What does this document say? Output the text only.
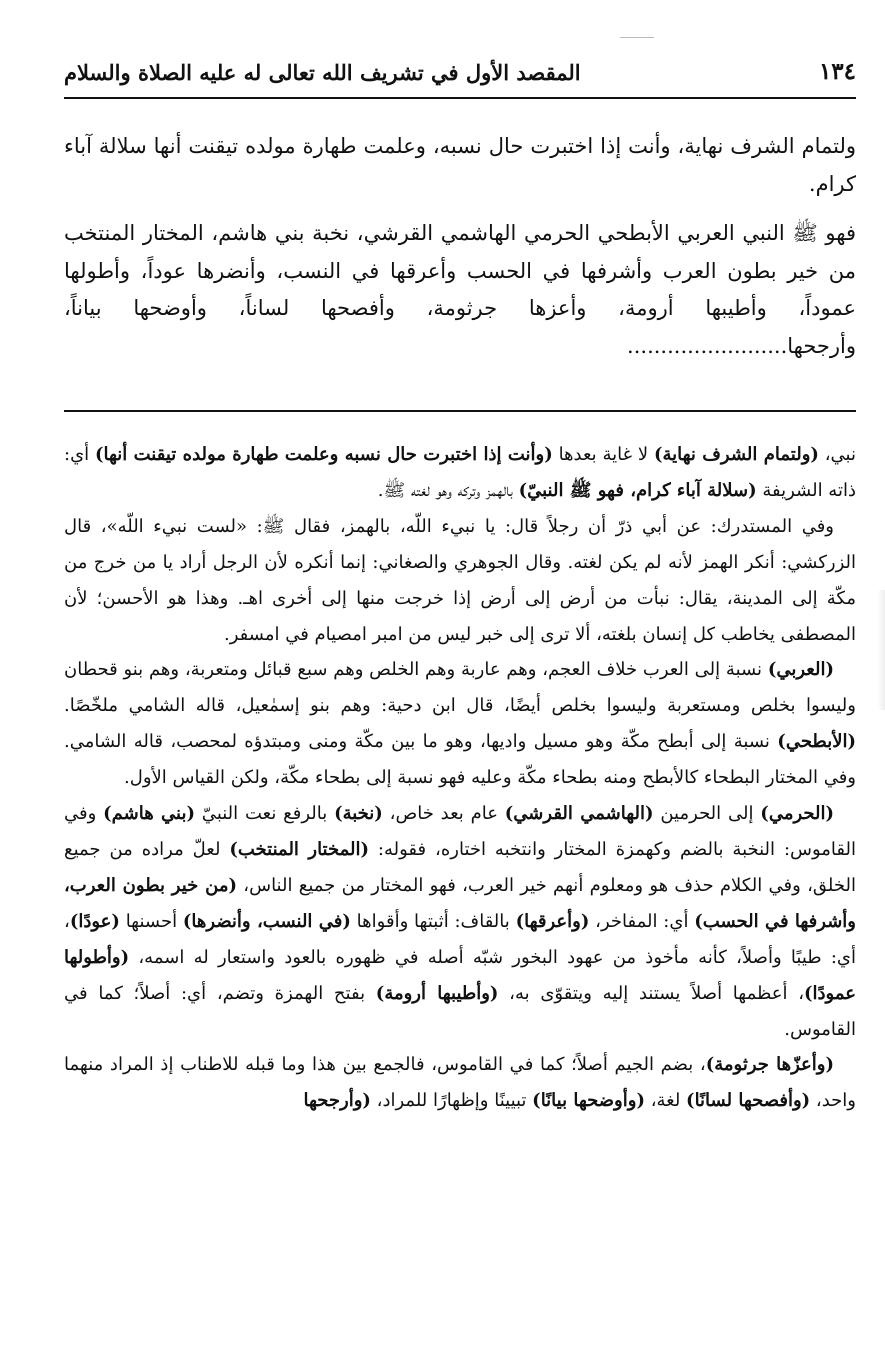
١٣٤
المقصد الأول في تشريف الله تعالى له عليه الصلاة والسلام

ولتمام الشرف نهاية، وأنت إذا اختبرت حال نسبه، وعلمت طهارة مولده تيقنت أنها سلالة آباء كرام.

فهو ﷺ النبي العربي الأبطحي الحرمي الهاشمي القرشي، نخبة بني هاشم، المختار المنتخب من خير بطون العرب وأشرفها في الحسب وأعرقها في النسب، وأنضرها عوداً، وأطولها عموداً، وأطيبها أرومة، وأعزها جرثومة، وأفصحها لساناً، وأوضحها بياناً، وأرجحها........................

نبي، (ولتمام الشرف نهاية) لا غاية بعدها (وأنت إذا اختبرت حال نسبه وعلمت طهارة مولده تيقنت أنها) أي: ذاته الشريفة (سلالة آباء كرام، فهو ﷺ النبيّ) بالهمز وتركه وهو لغته ﷺ.

وفي المستدرك: عن أبي ذرّ أن رجلاً قال: يا نبيء اللّه، بالهمز، فقال ﷺ: «لست نبيء اللّه»، قال الزركشي: أنكر الهمز لأنه لم يكن لغته. وقال الجوهري والصغاني: إنما أنكره لأن الرجل أراد يا من خرج من مكّة إلى المدينة، يقال: نبأت من أرض إلى أرض إذا خرجت منها إلى أخرى اهـ. وهذا هو الأحسن؛ لأن المصطفى يخاطب كل إنسان بلغته، ألا ترى إلى خبر ليس من امبر امصيام في امسفر.

(العربي) نسبة إلى العرب خلاف العجم، وهم عاربة وهم الخلص وهم سبع قبائل ومتعربة، وهم بنو قحطان وليسوا بخلص ومستعربة وليسوا بخلص أيضًا، قال ابن دحية: وهم بنو إسمٰعيل، قاله الشامي ملخّصًا. (الأبطحي) نسبة إلى أبطح مكّة وهو مسيل واديها، وهو ما بين مكّة ومنى ومبتدؤه لمحصب، قاله الشامي. وفي المختار البطحاء كالأبطح ومنه بطحاء مكّة وعليه فهو نسبة إلى بطحاء مكّة، ولكن القياس الأول.

(الحرمي) إلى الحرمين (الهاشمي القرشي) عام بعد خاص، (نخبة) بالرفع نعت النبيّ (بني هاشم) وفي القاموس: النخبة بالضم وكهمزة المختار وانتخبه اختاره، فقوله: (المختار المنتخب) لعلّ مراده من جميع الخلق، وفي الكلام حذف هو ومعلوم أنهم خير العرب، فهو المختار من جميع الناس، (من خير بطون العرب، وأشرفها في الحسب) أي: المفاخر، (وأعرقها) بالقاف: أثبتها وأقواها (في النسب، وأنضرها) أحسنها (عودًا)، أي: طيبًا وأصلاً، كأنه مأخوذ من عهود البخور شبّه أصله في ظهوره بالعود واستعار له اسمه، (وأطولها عمودًا)، أعظمها أصلاً يستند إليه ويتقوّى به، (وأطيبها أرومة) بفتح الهمزة وتضم، أي: أصلاً؛ كما في القاموس.

(وأعزّها جرثومة)، بضم الجيم أصلاً؛ كما في القاموس، فالجمع بين هذا وما قبله للاطناب إذ المراد منهما واحد، (وأفصحها لسانًا) لغة، (وأوضحها بيانًا) تبيينًا وإظهارًا للمراد، (وأرجحها
